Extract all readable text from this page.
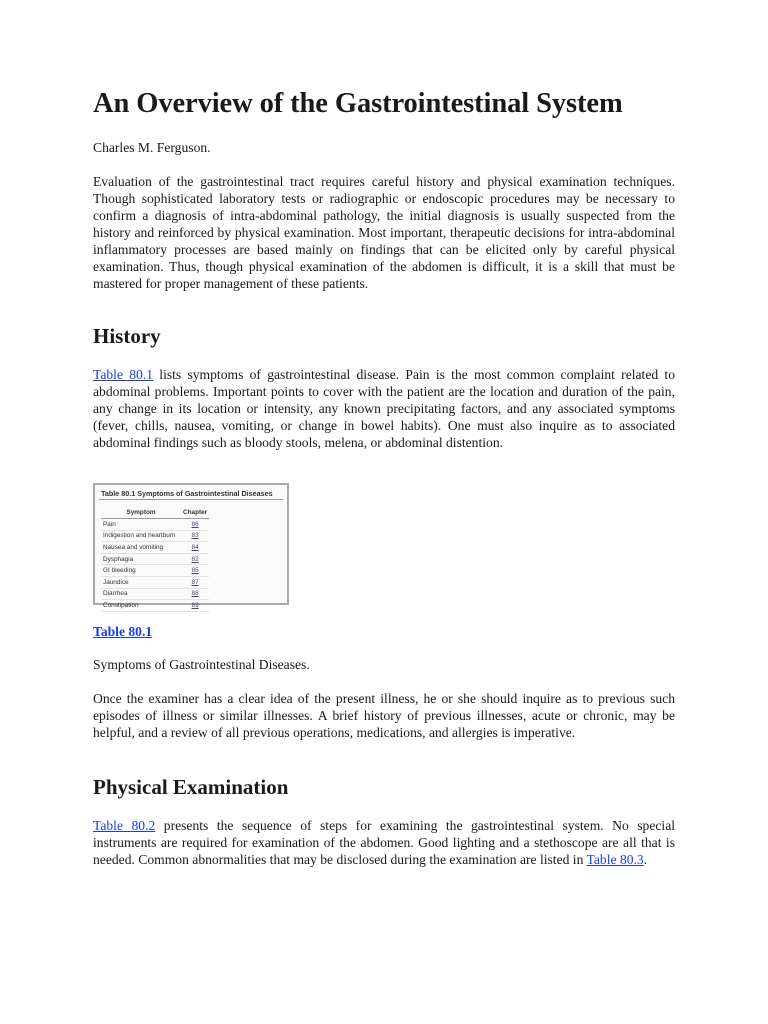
An Overview of the Gastrointestinal System

Charles M. Ferguson.

Evaluation of the gastrointestinal tract requires careful history and physical examination techniques. Though sophisticated laboratory tests or radiographic or endoscopic procedures may be necessary to confirm a diagnosis of intra-abdominal pathology, the initial diagnosis is usually suspected from the history and reinforced by physical examination. Most important, therapeutic decisions for intra-abdominal inflammatory processes are based mainly on findings that can be elicited only by careful physical examination. Thus, though physical examination of the abdomen is difficult, it is a skill that must be mastered for proper management of these patients.

History

Table 80.1 lists symptoms of gastrointestinal disease. Pain is the most common complaint related to abdominal problems. Important points to cover with the patient are the location and duration of the pain, any change in its location or intensity, any known precipitating factors, and any associated symptoms (fever, chills, nausea, vomiting, or change in bowel habits). One must also inquire as to associated abdominal findings such as bloody stools, melena, or abdominal distention.

Table 80.1 Symptoms of Gastrointestinal Diseases
Symptom	Chapter
Pain	86
Indigestion and heartburn	83
Nausea and vomiting	84
Dysphagia	82
GI bleeding	85
Jaundice	87
Diarrhea	88
Constipation	89

Table 80.1

Symptoms of Gastrointestinal Diseases.

Once the examiner has a clear idea of the present illness, he or she should inquire as to previous such episodes of illness or similar illnesses. A brief history of previous illnesses, acute or chronic, may be helpful, and a review of all previous operations, medications, and allergies is imperative.

Physical Examination

Table 80.2 presents the sequence of steps for examining the gastrointestinal system. No special instruments are required for examination of the abdomen. Good lighting and a stethoscope are all that is needed. Common abnormalities that may be disclosed during the examination are listed in Table 80.3.
